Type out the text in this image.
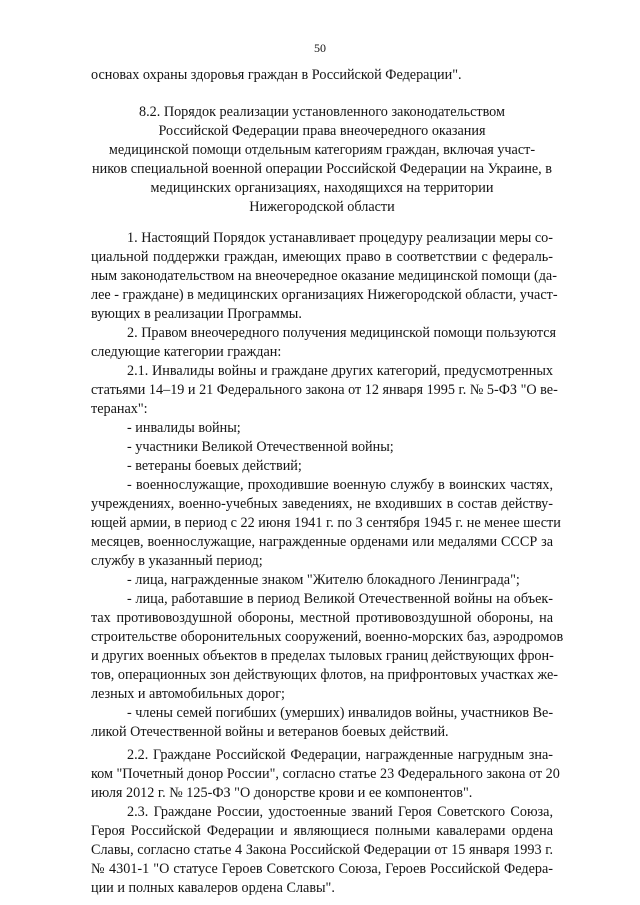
50
основах охраны здоровья граждан в Российской Федерации".
8.2. Порядок реализации установленного законодательством
Российской Федерации права внеочередного оказания
медицинской помощи отдельным категориям граждан, включая участ-
ников специальной военной операции Российской Федерации на Украине, в
медицинских организациях, находящихся на территории
Нижегородской области
1. Настоящий Порядок устанавливает процедуру реализации меры со-
циальной поддержки граждан, имеющих право в соответствии с федераль-
ным законодательством на внеочередное оказание медицинской помощи (да-
лее - граждане) в медицинских организациях Нижегородской области, участ-
вующих в реализации Программы.
2. Правом внеочередного получения медицинской помощи пользуются
следующие категории граждан:
2.1. Инвалиды войны и граждане других категорий, предусмотренных
статьями 14–19 и 21 Федерального закона от 12 января 1995 г. № 5-ФЗ "О ве-
теранах":
- инвалиды войны;
- участники Великой Отечественной войны;
- ветераны боевых действий;
- военнослужащие, проходившие военную службу в воинских частях,
учреждениях, военно-учебных заведениях, не входивших в состав действу-
ющей армии, в период с 22 июня 1941 г. по 3 сентября 1945 г. не менее шести
месяцев, военнослужащие, награжденные орденами или медалями СССР за
службу в указанный период;
- лица, награжденные знаком "Жителю блокадного Ленинграда";
- лица, работавшие в период Великой Отечественной войны на объек-
тах противовоздушной обороны, местной противовоздушной обороны, на
строительстве оборонительных сооружений, военно-морских баз, аэродромов
и других военных объектов в пределах тыловых границ действующих фрон-
тов, операционных зон действующих флотов, на прифронтовых участках же-
лезных и автомобильных дорог;
- члены семей погибших (умерших) инвалидов войны, участников Ве-
ликой Отечественной войны и ветеранов боевых действий.
2.2. Граждане Российской Федерации, награжденные нагрудным зна-
ком "Почетный донор России", согласно статье 23 Федерального закона от 20
июля 2012 г. № 125-ФЗ "О донорстве крови и ее компонентов".
2.3. Граждане России, удостоенные званий Героя Советского Союза,
Героя Российской Федерации и являющиеся полными кавалерами ордена
Славы, согласно статье 4 Закона Российской Федерации от 15 января 1993 г.
№ 4301-1 "О статусе Героев Советского Союза, Героев Российской Федера-
ции и полных кавалеров ордена Славы".
